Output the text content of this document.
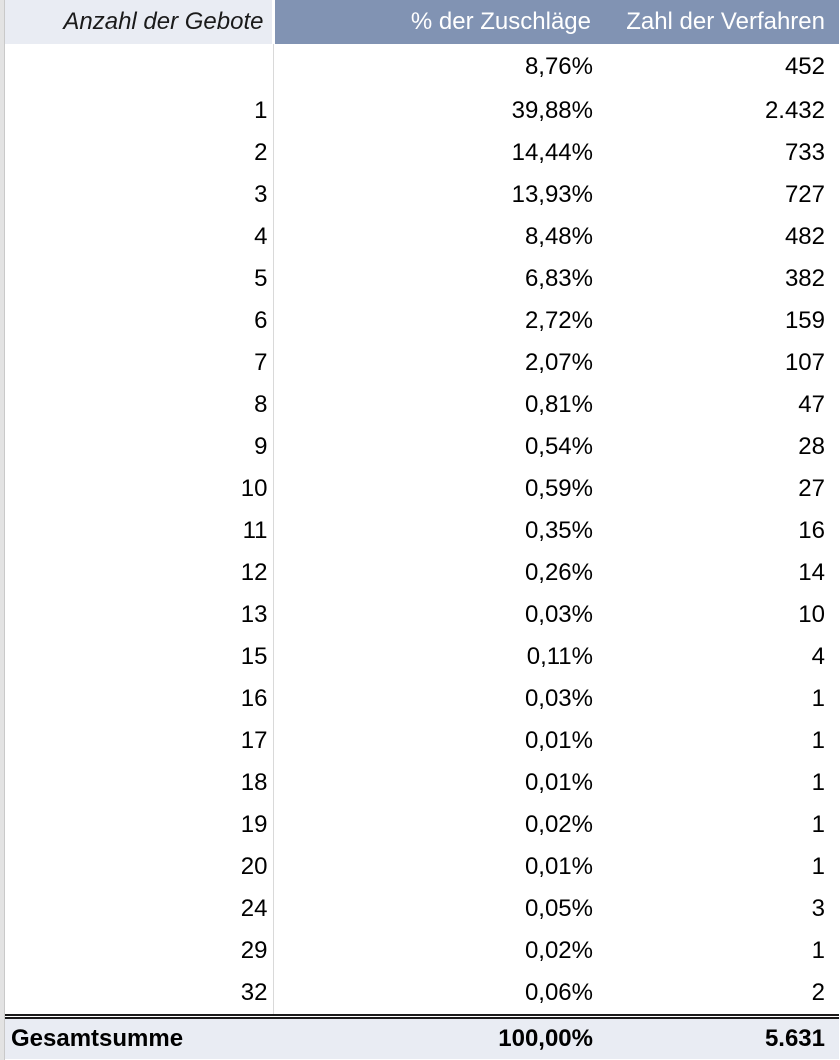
Anzahl der Gebote	% der Zuschläge	Zahl der Verfahren
	8,76%	452
1	39,88%	2.432
2	14,44%	733
3	13,93%	727
4	8,48%	482
5	6,83%	382
6	2,72%	159
7	2,07%	107
8	0,81%	47
9	0,54%	28
10	0,59%	27
11	0,35%	16
12	0,26%	14
13	0,03%	10
15	0,11%	4
16	0,03%	1
17	0,01%	1
18	0,01%	1
19	0,02%	1
20	0,01%	1
24	0,05%	3
29	0,02%	1
32	0,06%	2
Gesamtsumme	100,00%	5.631
